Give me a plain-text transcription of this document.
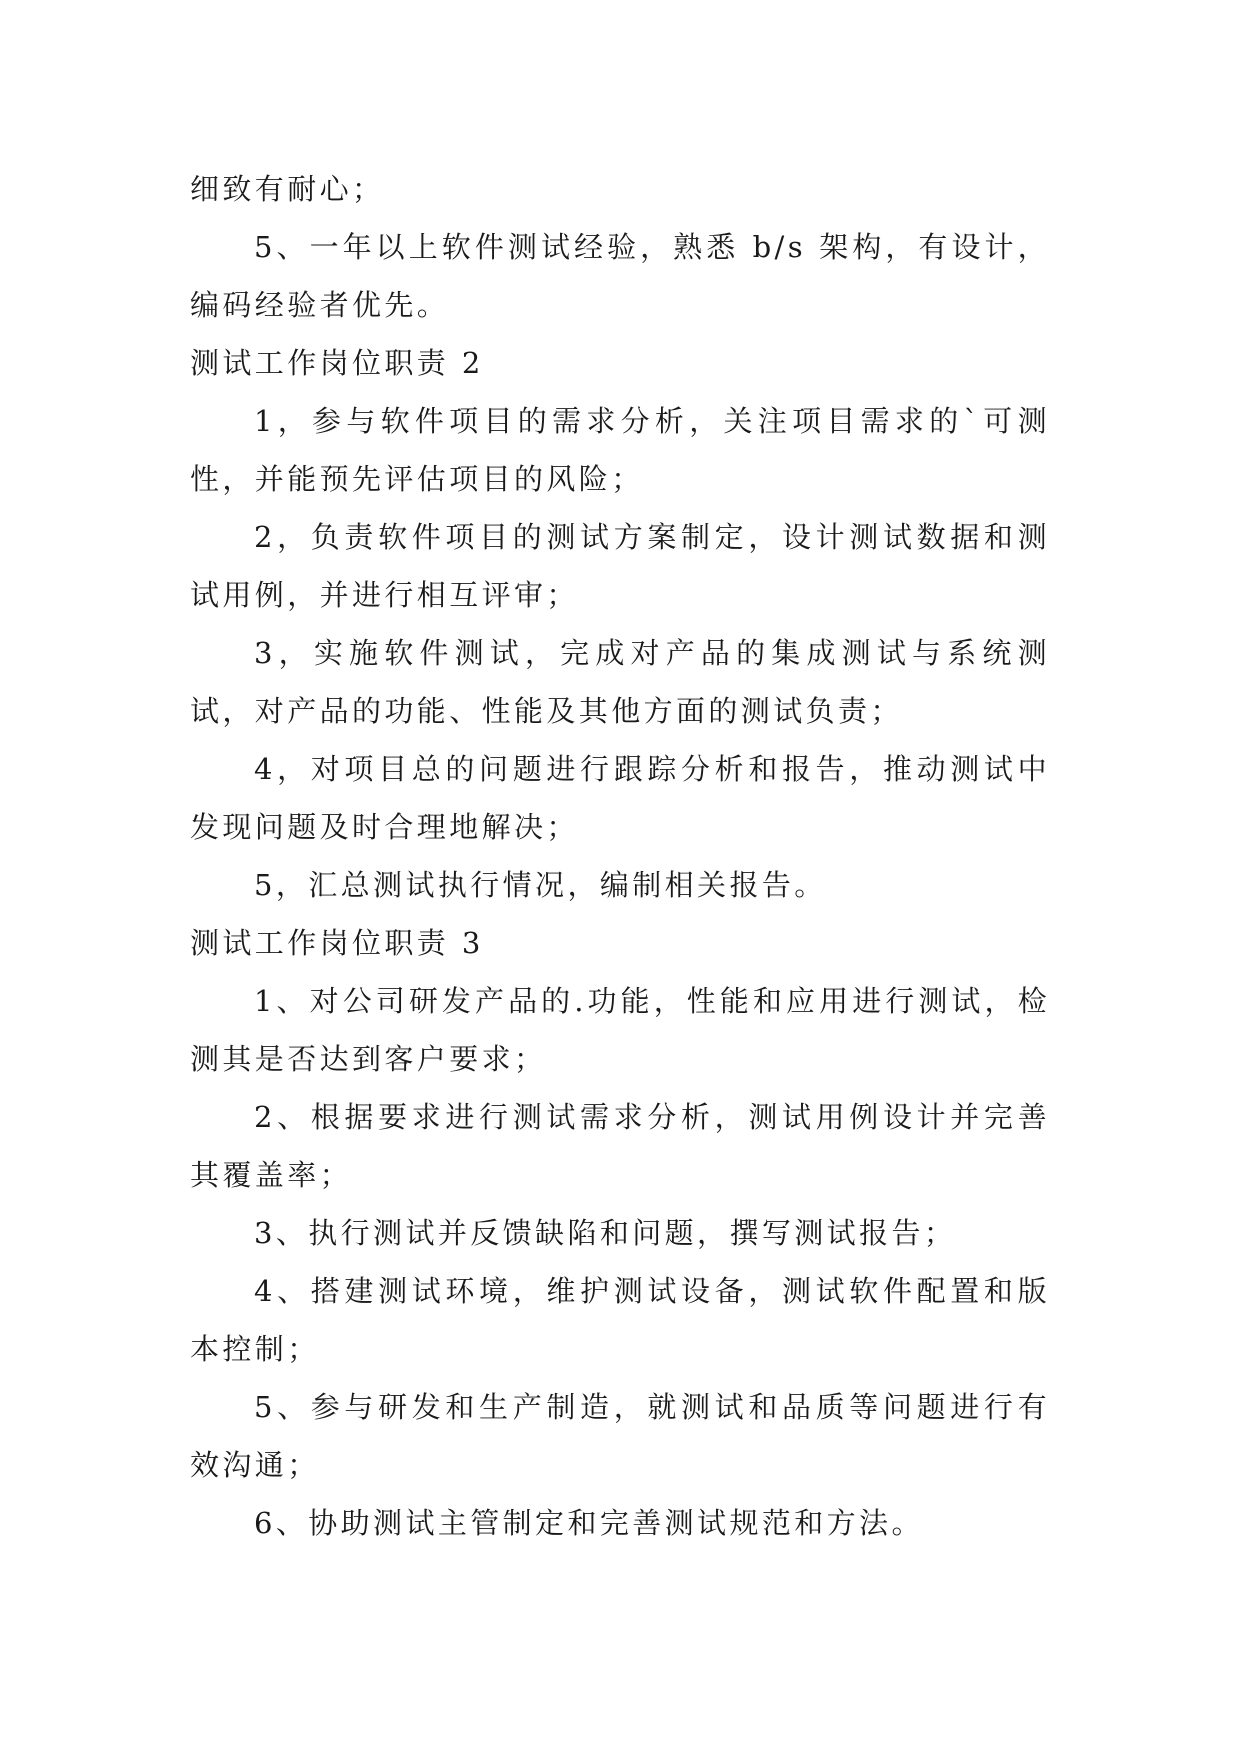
细致有耐心；

5、一年以上软件测试经验，熟悉 b/s 架构，有设计，编码经验者优先。

测试工作岗位职责 2

1，参与软件项目的需求分析，关注项目需求的`可测性，并能预先评估项目的风险；

2，负责软件项目的测试方案制定，设计测试数据和测试用例，并进行相互评审；

3，实施软件测试，完成对产品的集成测试与系统测试，对产品的功能、性能及其他方面的测试负责；

4，对项目总的问题进行跟踪分析和报告，推动测试中发现问题及时合理地解决；

5，汇总测试执行情况，编制相关报告。

测试工作岗位职责 3

1、对公司研发产品的.功能，性能和应用进行测试，检测其是否达到客户要求；

2、根据要求进行测试需求分析，测试用例设计并完善其覆盖率；

3、执行测试并反馈缺陷和问题，撰写测试报告；

4、搭建测试环境，维护测试设备，测试软件配置和版本控制；

5、参与研发和生产制造，就测试和品质等问题进行有效沟通；

6、协助测试主管制定和完善测试规范和方法。
